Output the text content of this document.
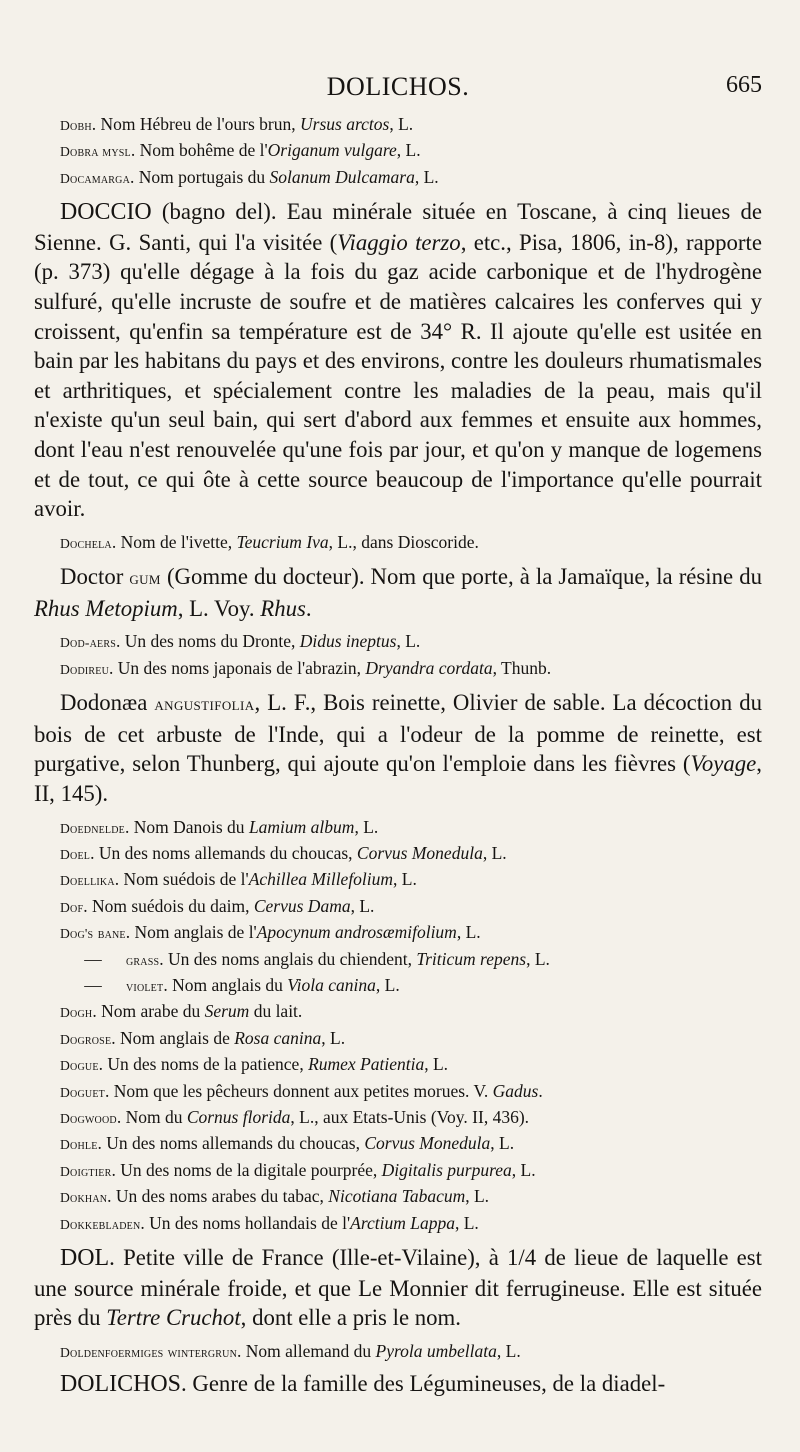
DOLICHOS.	665

Dobh. Nom Hébreu de l'ours brun, Ursus arctos, L.

Dobra mysl. Nom bohême de l'Origanum vulgare, L.

Docamarga. Nom portugais du Solanum Dulcamara, L.

DOCCIO (bagno del). Eau minérale située en Toscane, à cinq lieues de Sienne. G. Santi, qui l'a visitée (Viaggio terzo, etc., Pisa, 1806, in-8), rapporte (p. 373) qu'elle dégage à la fois du gaz acide carbonique et de l'hydrogène sulfuré, qu'elle incruste de soufre et de matières calcaires les conferves qui y croissent, qu'enfin sa température est de 34° R. Il ajoute qu'elle est usitée en bain par les habitans du pays et des environs, contre les douleurs rhumatismales et arthritiques, et spécialement contre les maladies de la peau, mais qu'il n'existe qu'un seul bain, qui sert d'abord aux femmes et ensuite aux hommes, dont l'eau n'est renouvelée qu'une fois par jour, et qu'on y manque de logemens et de tout, ce qui ôte à cette source beaucoup de l'importance qu'elle pourrait avoir.

Dochela. Nom de l'ivette, Teucrium Iva, L., dans Dioscoride.

Doctor gum (Gomme du docteur). Nom que porte, à la Jamaïque, la résine du Rhus Metopium, L. Voy. Rhus.

Dod-aers. Un des noms du Dronte, Didus ineptus, L.

Dodireu. Un des noms japonais de l'abrazin, Dryandra cordata, Thunb.

Dodonæa angustifolia, L. F., Bois reinette, Olivier de sable. La décoction du bois de cet arbuste de l'Inde, qui a l'odeur de la pomme de reinette, est purgative, selon Thunberg, qui ajoute qu'on l'emploie dans les fièvres (Voyage, II, 145).

Doednelde. Nom Danois du Lamium album, L.

Doel. Un des noms allemands du choucas, Corvus Monedula, L.

Doellika. Nom suédois de l'Achillea Millefolium, L.

Dof. Nom suédois du daim, Cervus Dama, L.

Dog's bane. Nom anglais de l'Apocynum androsæmifolium, L.

— grass. Un des noms anglais du chiendent, Triticum repens, L.

— violet. Nom anglais du Viola canina, L.

Dogh. Nom arabe du Serum du lait.

Dogrose. Nom anglais de Rosa canina, L.

Dogue. Un des noms de la patience, Rumex Patientia, L.

Doguet. Nom que les pêcheurs donnent aux petites morues. V. Gadus.

Dogwood. Nom du Cornus florida, L., aux Etats-Unis (Voy. II, 436).

Dohle. Un des noms allemands du choucas, Corvus Monedula, L.

Doigtier. Un des noms de la digitale pourprée, Digitalis purpurea, L.

Dokhan. Un des noms arabes du tabac, Nicotiana Tabacum, L.

Dokkebladen. Un des noms hollandais de l'Arctium Lappa, L.

DOL. Petite ville de France (Ille-et-Vilaine), à 1/4 de lieue de laquelle est une source minérale froide, et que Le Monnier dit ferrugineuse. Elle est située près du Tertre Cruchot, dont elle a pris le nom.

Doldenfoermiges wintergrun. Nom allemand du Pyrola umbellata, L.

DOLICHOS. Genre de la famille des Légumineuses, de la diadel-
